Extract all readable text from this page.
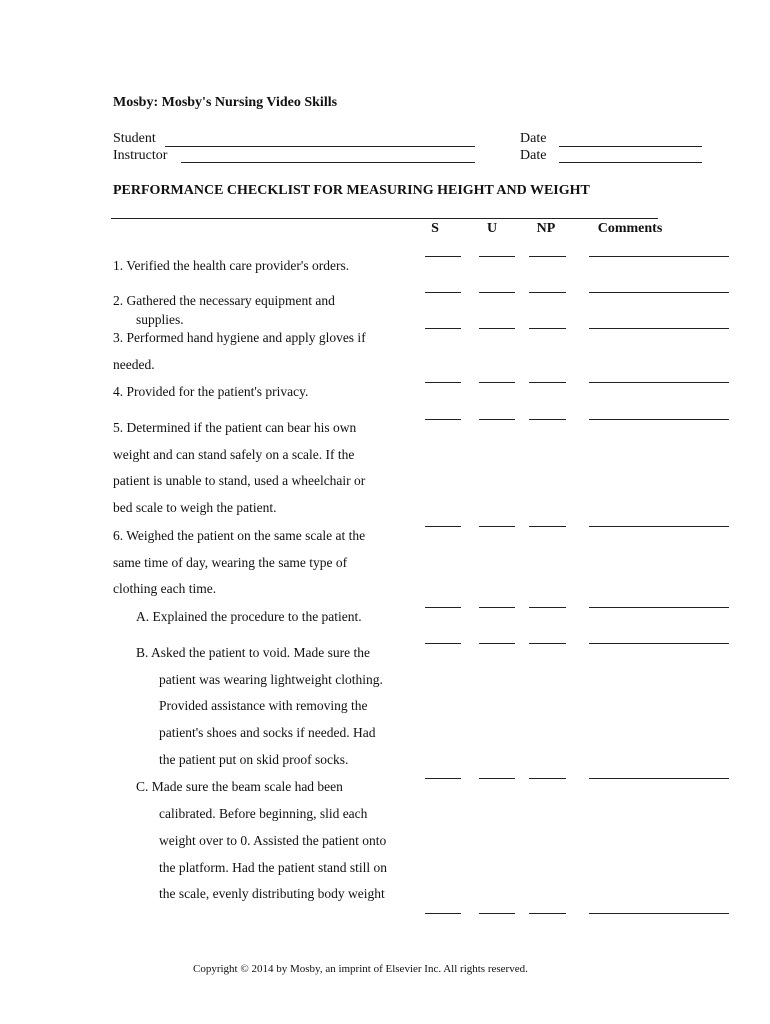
Mosby: Mosby's Nursing Video Skills
Student
Instructor
Date
Date
PERFORMANCE CHECKLIST FOR MEASURING HEIGHT AND WEIGHT
S	U	NP	Comments
1. Verified the health care provider's orders.
2. Gathered the necessary equipment and
supplies.
3. Performed hand hygiene and apply gloves if
needed.
4. Provided for the patient's privacy.
5. Determined if the patient can bear his own
weight and can stand safely on a scale. If the
patient is unable to stand, used a wheelchair or
bed scale to weigh the patient.
6. Weighed the patient on the same scale at the
same time of day, wearing the same type of
clothing each time.
A. Explained the procedure to the patient.
B. Asked the patient to void. Made sure the
patient was wearing lightweight clothing.
Provided assistance with removing the
patient's shoes and socks if needed. Had
the patient put on skid proof socks.
C. Made sure the beam scale had been
calibrated. Before beginning, slid each
weight over to 0. Assisted the patient onto
the platform. Had the patient stand still on
the scale, evenly distributing body weight
Copyright © 2014 by Mosby, an imprint of Elsevier Inc. All rights reserved.
